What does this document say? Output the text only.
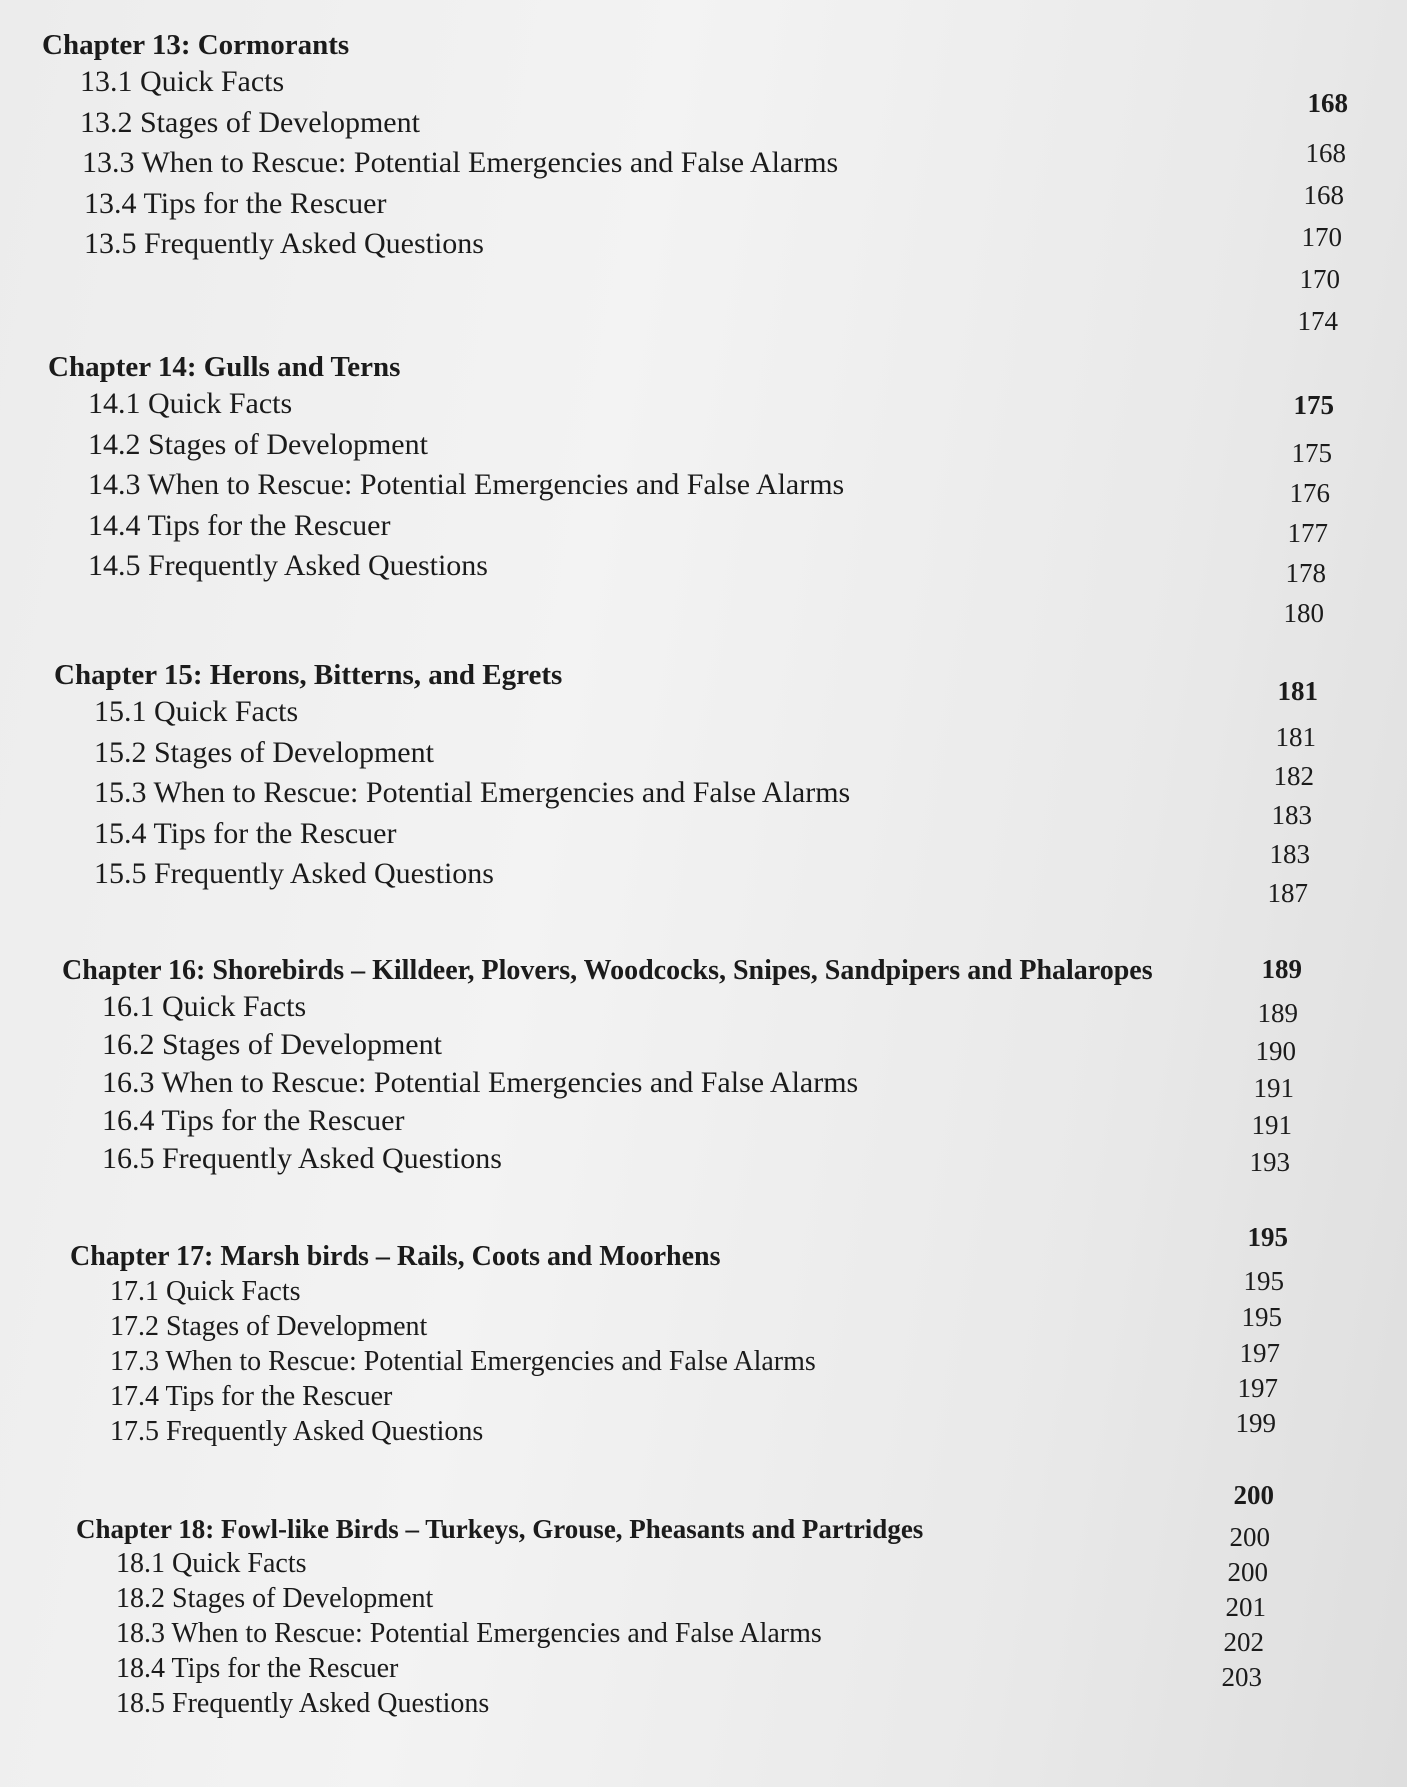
Chapter 13: Cormorants
13.1 Quick Facts
13.2 Stages of Development
13.3 When to Rescue: Potential Emergencies and False Alarms
13.4 Tips for the Rescuer
13.5 Frequently Asked Questions
168
168
168
170
170
174
Chapter 14: Gulls and Terns
14.1 Quick Facts
14.2 Stages of Development
14.3 When to Rescue: Potential Emergencies and False Alarms
14.4 Tips for the Rescuer
14.5 Frequently Asked Questions
175
175
176
177
178
180
Chapter 15: Herons, Bitterns, and Egrets
15.1 Quick Facts
15.2 Stages of Development
15.3 When to Rescue: Potential Emergencies and False Alarms
15.4 Tips for the Rescuer
15.5 Frequently Asked Questions
181
181
182
183
183
187
Chapter 16: Shorebirds – Killdeer, Plovers, Woodcocks, Snipes, Sandpipers and Phalaropes
16.1 Quick Facts
16.2 Stages of Development
16.3 When to Rescue: Potential Emergencies and False Alarms
16.4 Tips for the Rescuer
16.5 Frequently Asked Questions
189
189
190
191
191
193
Chapter 17: Marsh birds – Rails, Coots and Moorhens
17.1 Quick Facts
17.2 Stages of Development
17.3 When to Rescue: Potential Emergencies and False Alarms
17.4 Tips for the Rescuer
17.5 Frequently Asked Questions
195
195
195
197
197
199
Chapter 18: Fowl-like Birds – Turkeys, Grouse, Pheasants and Partridges
18.1 Quick Facts
18.2 Stages of Development
18.3 When to Rescue: Potential Emergencies and False Alarms
18.4 Tips for the Rescuer
18.5 Frequently Asked Questions
200
200
200
201
202
203
